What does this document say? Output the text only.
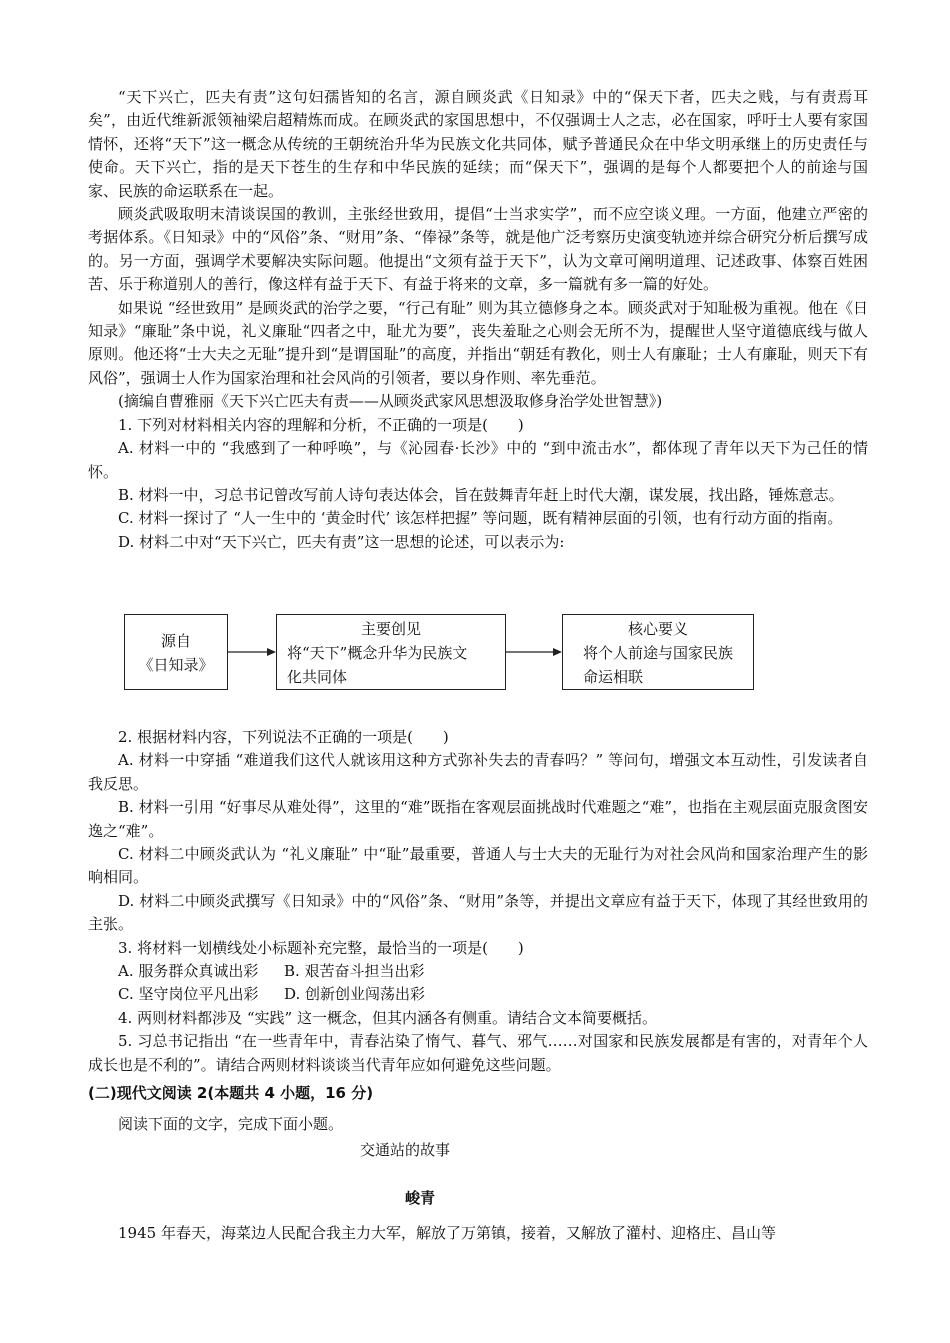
“天下兴亡，匹夫有责”这句妇孺皆知的名言，源自顾炎武《日知录》中的“保天下者，匹夫之贱，与有责焉耳矣”，由近代维新派领袖梁启超精炼而成。在顾炎武的家国思想中，不仅强调士人之志，必在国家，呼吁士人要有家国情怀，还将“天下”这一概念从传统的王朝统治升华为民族文化共同体，赋予普通民众在中华文明承继上的历史责任与使命。天下兴亡，指的是天下苍生的生存和中华民族的延续；而“保天下”，强调的是每个人都要把个人的前途与国家、民族的命运联系在一起。

顾炎武吸取明末清谈误国的教训，主张经世致用，提倡“士当求实学”，而不应空谈义理。一方面，他建立严密的考据体系。《日知录》中的“风俗”条、“财用”条、“俸禄”条等，就是他广泛考察历史演变轨迹并综合研究分析后撰写成的。另一方面，强调学术要解决实际问题。他提出“文须有益于天下”，认为文章可阐明道理、记述政事、体察百姓困苦、乐于称道别人的善行，像这样有益于天下、有益于将来的文章，多一篇就有多一篇的好处。

如果说 “经世致用” 是顾炎武的治学之要，“行己有耻” 则为其立德修身之本。顾炎武对于知耻极为重视。他在《日知录》“廉耻”条中说，礼义廉耻“四者之中，耻尤为要”，丧失羞耻之心则会无所不为，提醒世人坚守道德底线与做人原则。他还将“士大夫之无耻”提升到“是谓国耻”的高度，并指出“朝廷有教化，则士人有廉耻；士人有廉耻，则天下有风俗”，强调士人作为国家治理和社会风尚的引领者，要以身作则、率先垂范。

(摘编自曹雅丽《天下兴亡匹夫有责——从顾炎武家风思想汲取修身治学处世智慧》)

1. 下列对材料相关内容的理解和分析，不正确的一项是(　　)

A. 材料一中的 “我感到了一种呼唤”，与《沁园春·长沙》中的 “到中流击水”，都体现了青年以天下为己任的情怀。

B. 材料一中，习总书记曾改写前人诗句表达体会，旨在鼓舞青年赶上时代大潮，谋发展，找出路，锤炼意志。

C. 材料一探讨了 “人一生中的 ‘黄金时代’ 该怎样把握” 等问题，既有精神层面的引领，也有行动方面的指南。

D. 材料二中对“天下兴亡，匹夫有责”这一思想的论述，可以表示为:

源自
《日知录》
主要创见
将“天下”概念升华为民族文
化共同体
核心要义
将个人前途与国家民族
命运相联

2. 根据材料内容，下列说法不正确的一项是(　　)

A. 材料一中穿插 “难道我们这代人就该用这种方式弥补失去的青春吗？” 等问句，增强文本互动性，引发读者自我反思。

B. 材料一引用 “好事尽从难处得”，这里的“难”既指在客观层面挑战时代难题之“难”，也指在主观层面克服贪图安逸之“难”。

C. 材料二中顾炎武认为 “礼义廉耻” 中“耻”最重要，普通人与士大夫的无耻行为对社会风尚和国家治理产生的影响相同。

D. 材料二中顾炎武撰写《日知录》中的“风俗”条、“财用”条等，并提出文章应有益于天下，体现了其经世致用的主张。

3. 将材料一划横线处小标题补充完整，最恰当的一项是(　　)

A. 服务群众真诚出彩 B. 艰苦奋斗担当出彩

C. 坚守岗位平凡出彩 D. 创新创业闯荡出彩

4. 两则材料都涉及 “实践” 这一概念，但其内涵各有侧重。请结合文本简要概括。

5. 习总书记指出 “在一些青年中，青春沾染了惰气、暮气、邪气……对国家和民族发展都是有害的，对青年个人成长也是不利的”。请结合两则材料谈谈当代青年应如何避免这些问题。

(二)现代文阅读 2(本题共 4 小题，16 分)
阅读下面的文字，完成下面小题。
交通站的故事
峻青
1945 年春天，海菜边人民配合我主力大军，解放了万第镇，接着，又解放了灌村、迎格庄、昌山等
